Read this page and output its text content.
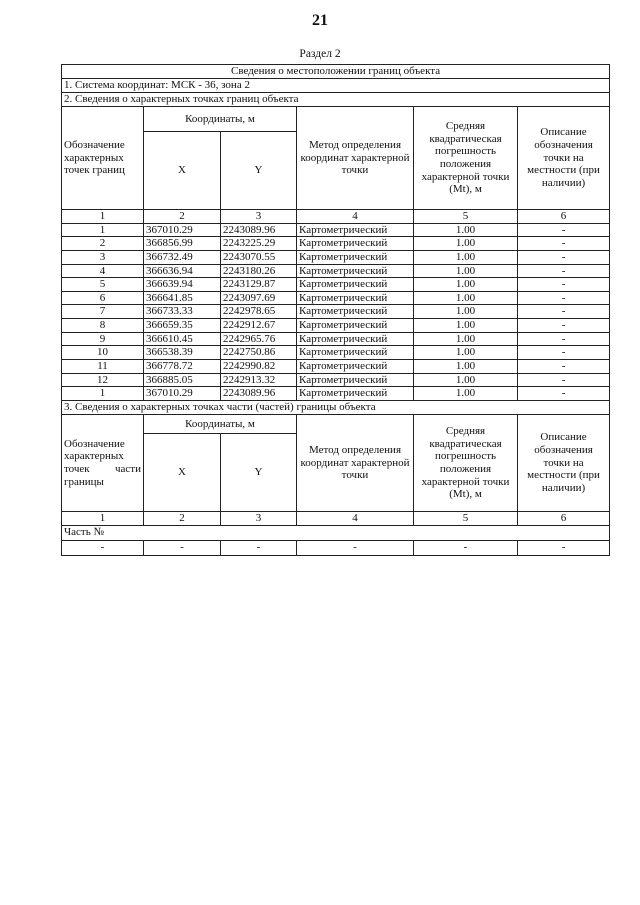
21
Раздел 2
Сведения о местоположении границ объекта					
1. Система координат: МСК - 36, зона 2					
2. Сведения о характерных точках границ объекта					
Обозначение характерных точек границ	Координаты, м		Метод определения координат характерной точки	Средняя квадратическая погрешность положения характерной точки (Mt), м	Описание обозначения точки на местности (при наличии)
	X	Y			
1	2	3	4	5	6
1	367010.29	2243089.96	Картометрический	1.00	-
2	366856.99	2243225.29	Картометрический	1.00	-
3	366732.49	2243070.55	Картометрический	1.00	-
4	366636.94	2243180.26	Картометрический	1.00	-
5	366639.94	2243129.87	Картометрический	1.00	-
6	366641.85	2243097.69	Картометрический	1.00	-
7	366733.33	2242978.65	Картометрический	1.00	-
8	366659.35	2242912.67	Картометрический	1.00	-
9	366610.45	2242965.76	Картометрический	1.00	-
10	366538.39	2242750.86	Картометрический	1.00	-
11	366778.72	2242990.82	Картометрический	1.00	-
12	366885.05	2242913.32	Картометрический	1.00	-
1	367010.29	2243089.96	Картометрический	1.00	-
3. Сведения о характерных точках части (частей) границы объекта					
Обозначение характерных точек части границы	Координаты, м		Метод определения координат характерной точки	Средняя квадратическая погрешность положения характерной точки (Mt), м	Описание обозначения точки на местности (при наличии)
	X	Y			
1	2	3	4	5	6
Часть №					
-	-	-	-	-	-
